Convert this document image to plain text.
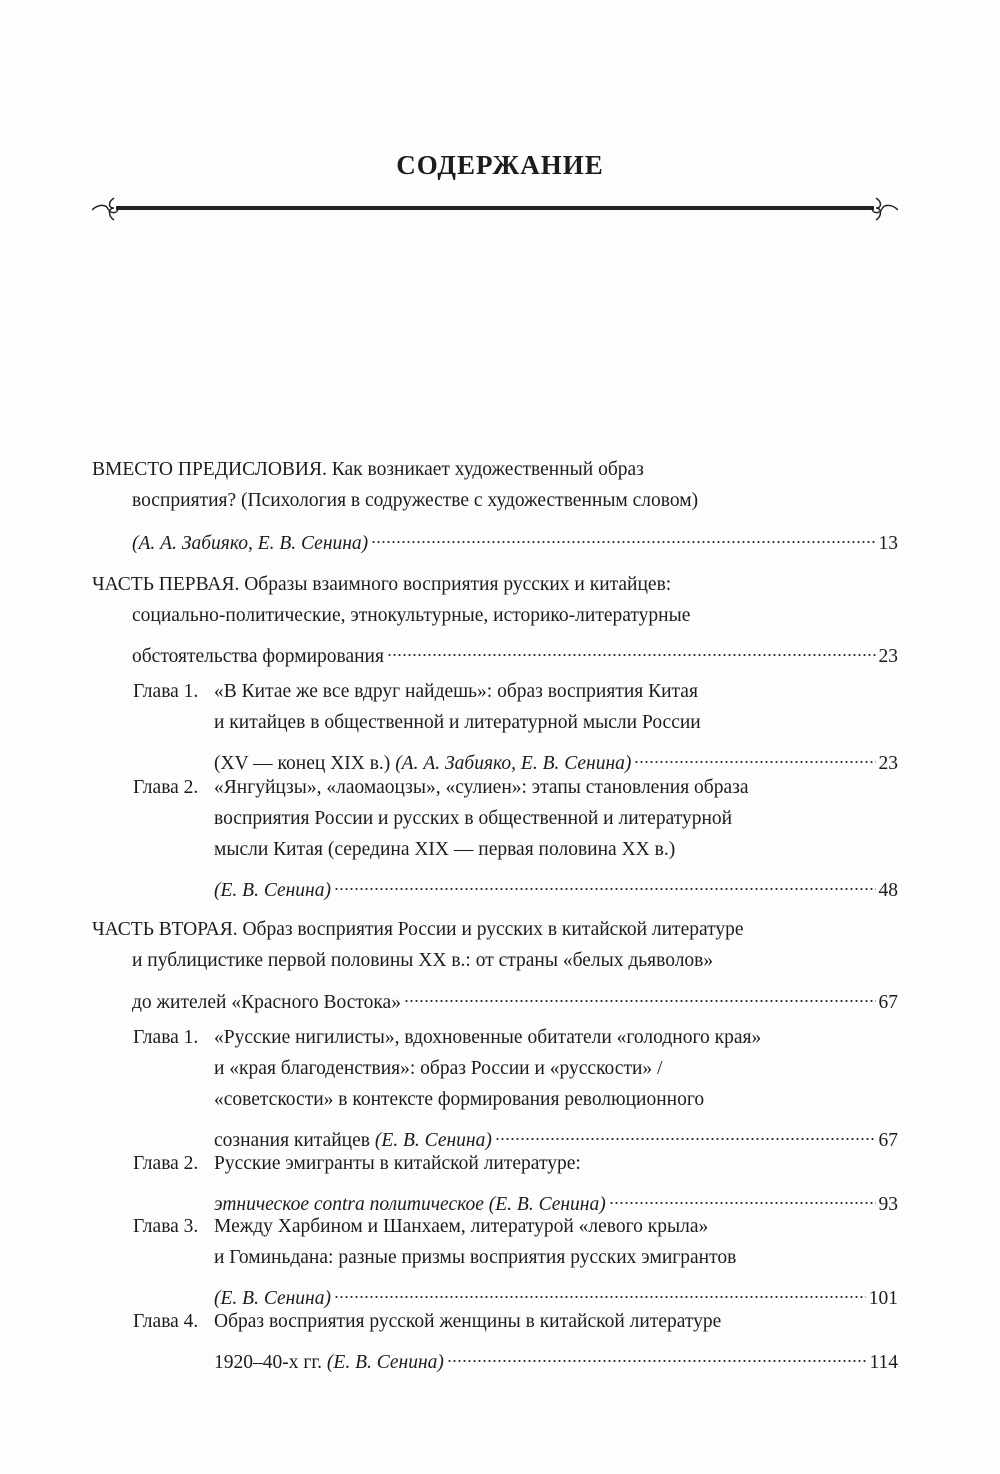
СОДЕРЖАНИЕ
ВМЕСТО ПРЕДИСЛОВИЯ. Как возникает художественный образ
восприятия? (Психология в содружестве с художественным словом)
(А. А. Забияко, Е. В. Сенина)	13
ЧАСТЬ ПЕРВАЯ. Образы взаимного восприятия русских и китайцев:
социально-политические, этнокультурные, историко-литературные
обстоятельства формирования	23
Глава 1. «В Китае же все вдруг найдешь»: образ восприятия Китая
и китайцев в общественной и литературной мысли России
(XV — конец XIX в.) (А. А. Забияко, Е. В. Сенина)	23
Глава 2. «Янгуйцзы», «лаомаоцзы», «сулиен»: этапы становления образа
восприятия России и русских в общественной и литературной
мысли Китая (середина XIX — первая половина XX в.)
(Е. В. Сенина)	48
ЧАСТЬ ВТОРАЯ. Образ восприятия России и русских в китайской литературе
и публицистике первой половины XX в.: от страны «белых дьяволов»
до жителей «Красного Востока»	67
Глава 1. «Русские нигилисты», вдохновенные обитатели «голодного края»
и «края благоденствия»: образ России и «русскости» /
«советскости» в контексте формирования революционного
сознания китайцев (Е. В. Сенина)	67
Глава 2. Русские эмигранты в китайской литературе:
этническое contra политическое (Е. В. Сенина)	93
Глава 3. Между Харбином и Шанхаем, литературой «левого крыла»
и Гоминьдана: разные призмы восприятия русских эмигрантов
(Е. В. Сенина)	101
Глава 4. Образ восприятия русской женщины в китайской литературе
1920–40-х гг. (Е. В. Сенина)	114
